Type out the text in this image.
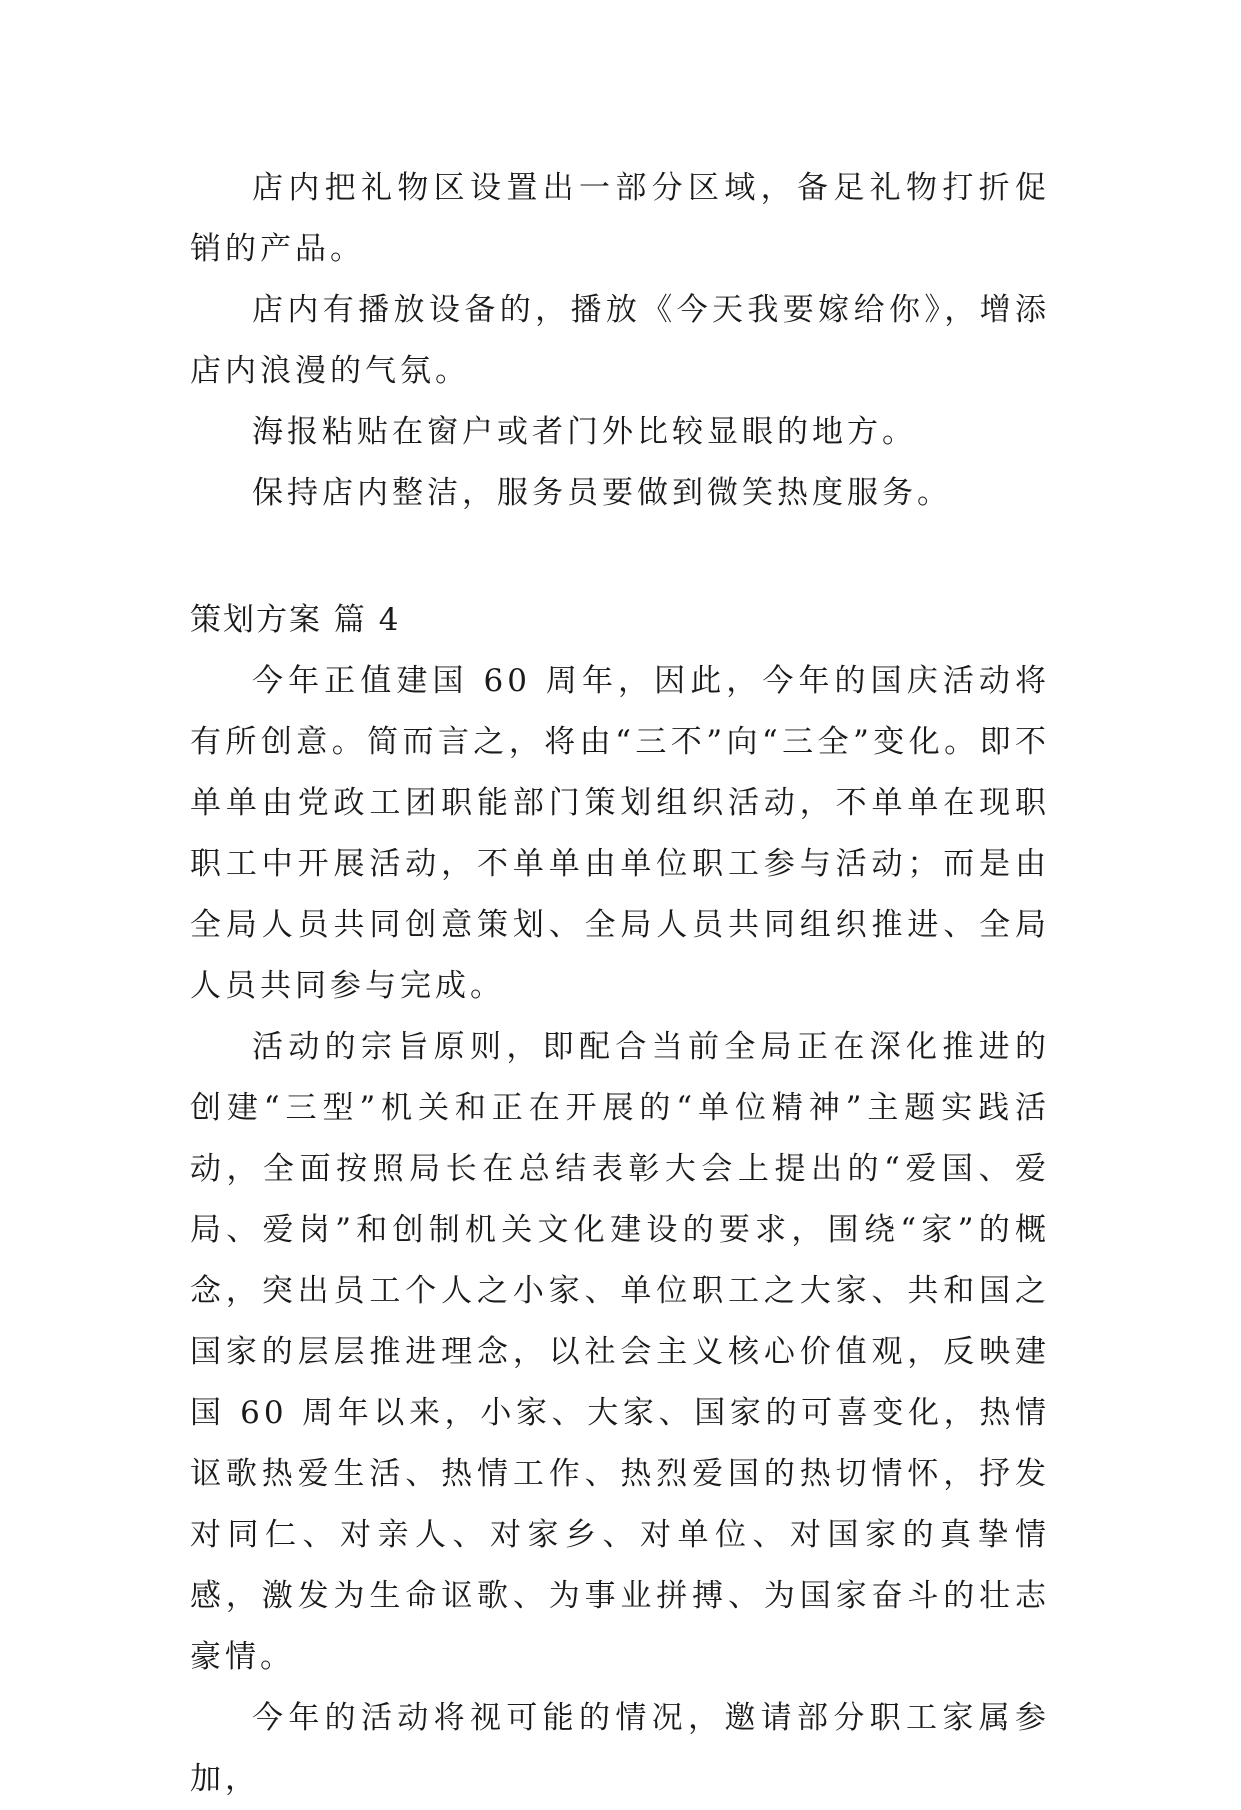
店内把礼物区设置出一部分区域，备足礼物打折促销的产品。

店内有播放设备的，播放《今天我要嫁给你》，增添店内浪漫的气氛。

海报粘贴在窗户或者门外比较显眼的地方。

保持店内整洁，服务员要做到微笑热度服务。

策划方案 篇 4

今年正值建国 60 周年，因此，今年的国庆活动将有所创意。简而言之，将由“三不”向“三全”变化。即不单单由党政工团职能部门策划组织活动，不单单在现职职工中开展活动，不单单由单位职工参与活动；而是由全局人员共同创意策划、全局人员共同组织推进、全局人员共同参与完成。

活动的宗旨原则，即配合当前全局正在深化推进的创建“三型”机关和正在开展的“单位精神”主题实践活动，全面按照局长在总结表彰大会上提出的“爱国、爱局、爱岗”和创制机关文化建设的要求，围绕“家”的概念，突出员工个人之小家、单位职工之大家、共和国之国家的层层推进理念，以社会主义核心价值观，反映建国 60 周年以来，小家、大家、国家的可喜变化，热情讴歌热爱生活、热情工作、热烈爱国的热切情怀，抒发对同仁、对亲人、对家乡、对单位、对国家的真挚情感，激发为生命讴歌、为事业拼搏、为国家奋斗的壮志豪情。

今年的活动将视可能的情况，邀请部分职工家属参加，
